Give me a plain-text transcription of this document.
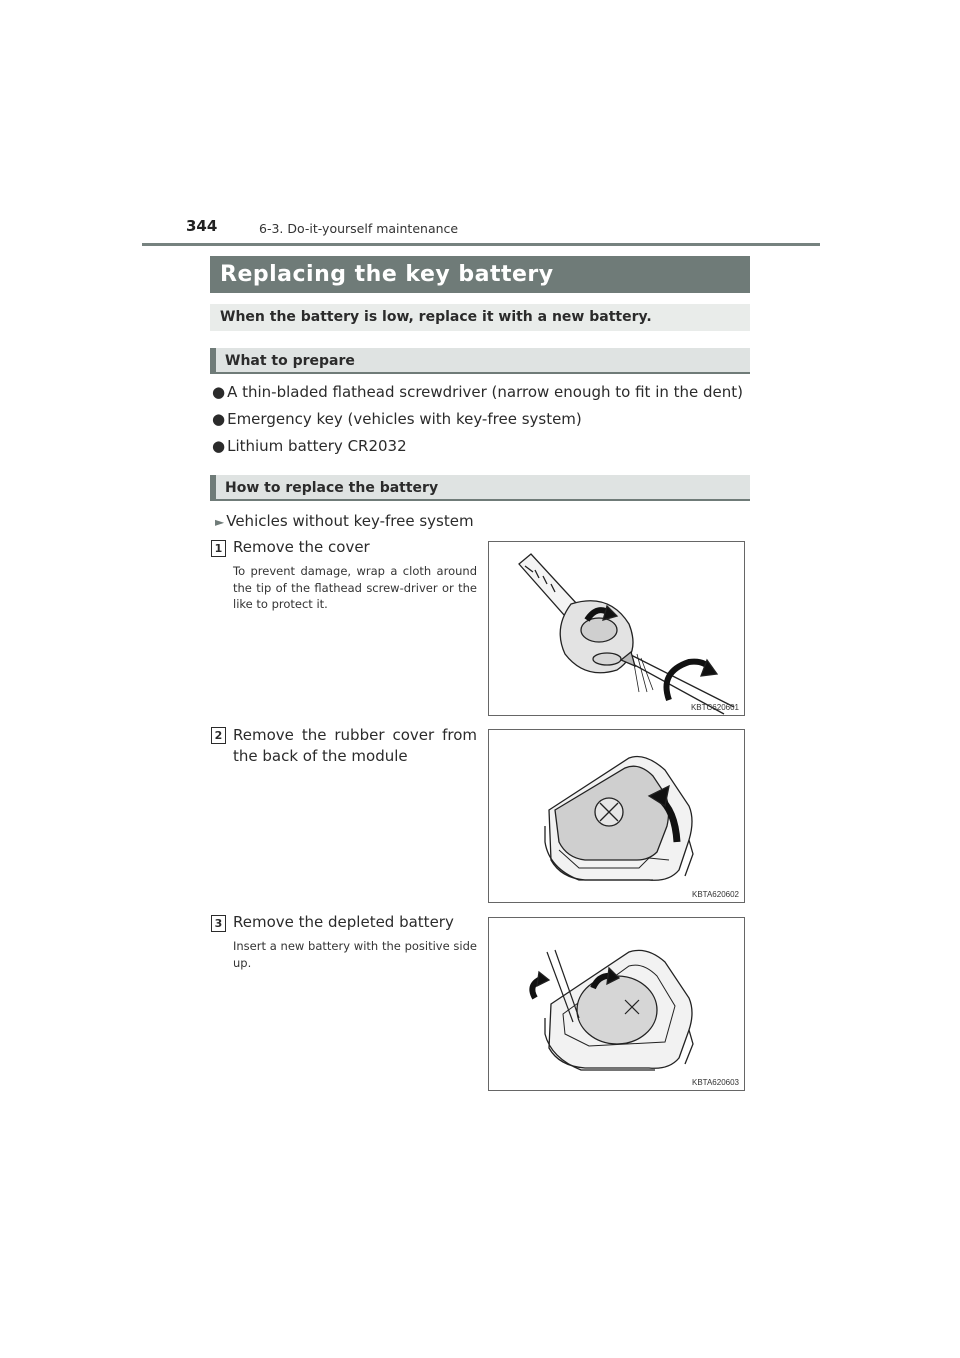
344	6-3. Do-it-yourself maintenance
Replacing the key battery
When the battery is low, replace it with a new battery.
What to prepare
● A thin-bladed flathead screwdriver (narrow enough to fit in the dent)
● Emergency key (vehicles with key-free system)
● Lithium battery CR2032
How to replace the battery
► Vehicles without key-free system
1 Remove the cover
To prevent damage, wrap a cloth around the tip of the flathead screw-driver or the like to protect it.
KBTC620601
2 Remove the rubber cover from the back of the module
KBTA620602
3 Remove the depleted battery
Insert a new battery with the positive side up.
KBTA620603
